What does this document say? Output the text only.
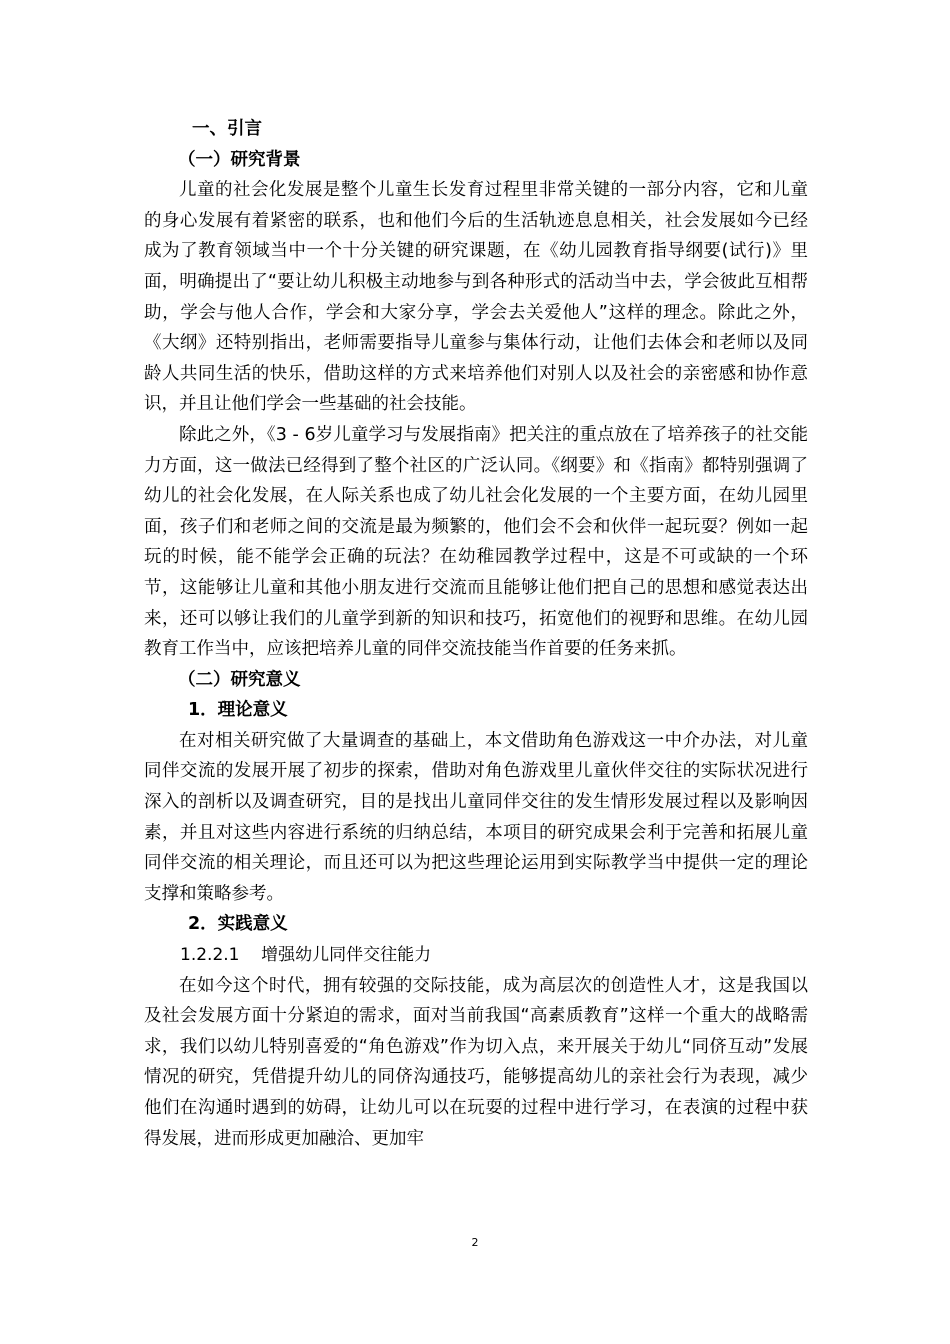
一、引言
（一）研究背景

儿童的社会化发展是整个儿童生长发育过程里非常关键的一部分内容，它和儿童的身心发展有着紧密的联系，也和他们今后的生活轨迹息息相关，社会发展如今已经成为了教育领域当中一个十分关键的研究课题，在《幼儿园教育指导纲要(试行)》里面，明确提出了“要让幼儿积极主动地参与到各种形式的活动当中去，学会彼此互相帮助，学会与他人合作，学会和大家分享，学会去关爱他人”这样的理念。除此之外，《大纲》还特别指出，老师需要指导儿童参与集体行动，让他们去体会和老师以及同龄人共同生活的快乐，借助这样的方式来培养他们对别人以及社会的亲密感和协作意识，并且让他们学会一些基础的社会技能。

除此之外，《3 - 6岁儿童学习与发展指南》把关注的重点放在了培养孩子的社交能力方面，这一做法已经得到了整个社区的广泛认同。《纲要》和《指南》都特别强调了幼儿的社会化发展，在人际关系也成了幼儿社会化发展的一个主要方面，在幼儿园里面，孩子们和老师之间的交流是最为频繁的，他们会不会和伙伴一起玩耍？例如一起玩的时候，能不能学会正确的玩法？在幼稚园教学过程中，这是不可或缺的一个环节，这能够让儿童和其他小朋友进行交流而且能够让他们把自己的思想和感觉表达出来，还可以够让我们的儿童学到新的知识和技巧，拓宽他们的视野和思维。在幼儿园教育工作当中，应该把培养儿童的同伴交流技能当作首要的任务来抓。

（二）研究意义
1．理论意义

在对相关研究做了大量调查的基础上，本文借助角色游戏这一中介办法，对儿童同伴交流的发展开展了初步的探索，借助对角色游戏里儿童伙伴交往的实际状况进行深入的剖析以及调查研究，目的是找出儿童同伴交往的发生情形发展过程以及影响因素，并且对这些内容进行系统的归纳总结，本项目的研究成果会利于完善和拓展儿童同伴交流的相关理论，而且还可以为把这些理论运用到实际教学当中提供一定的理论支撑和策略参考。

2．实践意义
1.2.2.1    增强幼儿同伴交往能力

在如今这个时代，拥有较强的交际技能，成为高层次的创造性人才，这是我国以及社会发展方面十分紧迫的需求，面对当前我国“高素质教育”这样一个重大的战略需求，我们以幼儿特别喜爱的“角色游戏”作为切入点，来开展关于幼儿“同侪互动”发展情况的研究，凭借提升幼儿的同侪沟通技巧，能够提高幼儿的亲社会行为表现，减少他们在沟通时遇到的妨碍，让幼儿可以在玩耍的过程中进行学习，在表演的过程中获得发展，进而形成更加融洽、更加牢

2
